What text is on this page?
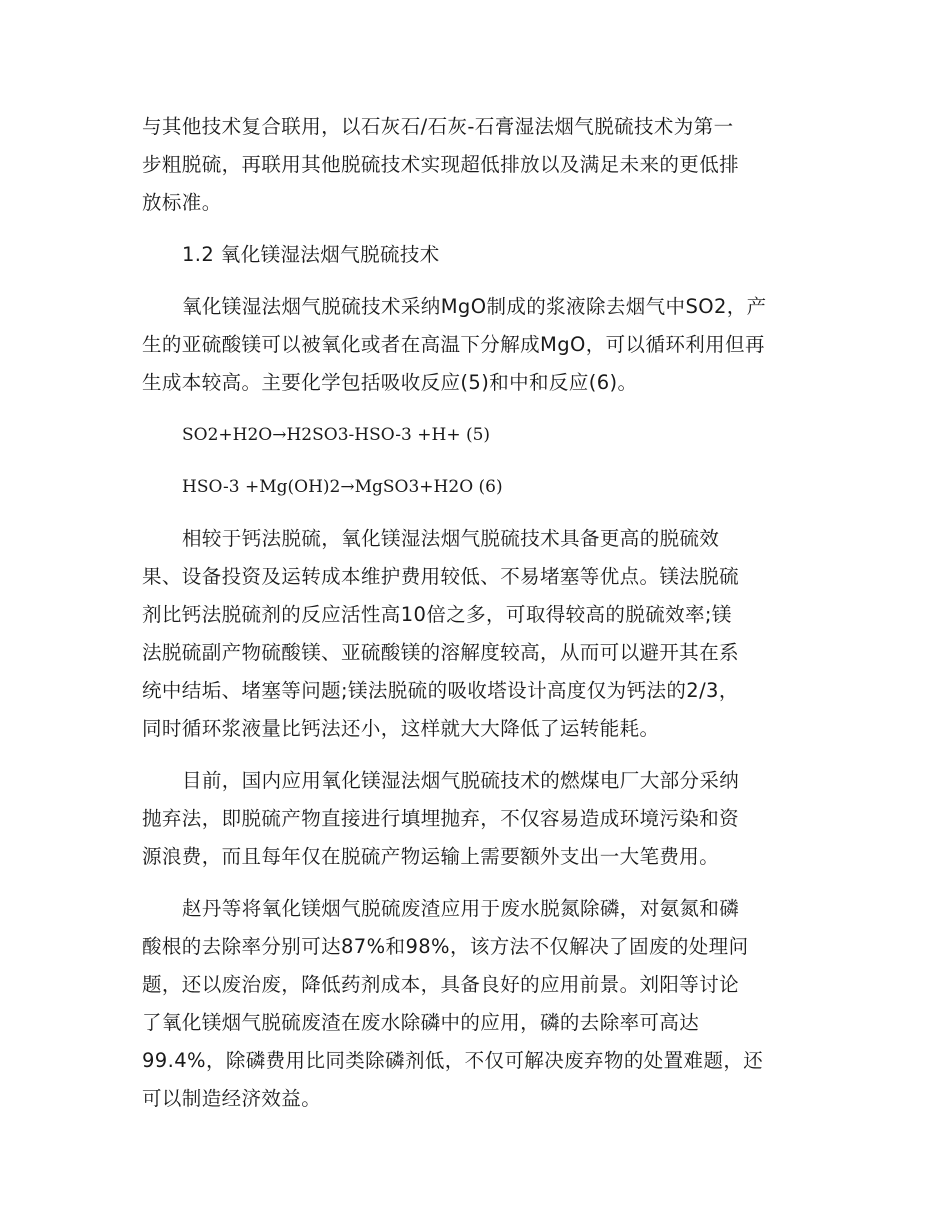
与其他技术复合联用，以石灰石/石灰-石膏湿法烟气脱硫技术为第一
步粗脱硫，再联用其他脱硫技术实现超低排放以及满足未来的更低排
放标准。
1.2 氧化镁湿法烟气脱硫技术
氧化镁湿法烟气脱硫技术采纳MgO制成的浆液除去烟气中SO2，产
生的亚硫酸镁可以被氧化或者在高温下分解成MgO，可以循环利用但再
生成本较高。主要化学包括吸收反应(5)和中和反应(6)。
SO2+H2O→H2SO3-HSO-3 +H+ (5)
HSO-3 +Mg(OH)2→MgSO3+H2O (6)
相较于钙法脱硫，氧化镁湿法烟气脱硫技术具备更高的脱硫效
果、设备投资及运转成本维护费用较低、不易堵塞等优点。镁法脱硫
剂比钙法脱硫剂的反应活性高10倍之多，可取得较高的脱硫效率;镁
法脱硫副产物硫酸镁、亚硫酸镁的溶解度较高，从而可以避开其在系
统中结垢、堵塞等问题;镁法脱硫的吸收塔设计高度仅为钙法的2/3，
同时循环浆液量比钙法还小，这样就大大降低了运转能耗。
目前，国内应用氧化镁湿法烟气脱硫技术的燃煤电厂大部分采纳
抛弃法，即脱硫产物直接进行填埋抛弃，不仅容易造成环境污染和资
源浪费，而且每年仅在脱硫产物运输上需要额外支出一大笔费用。
赵丹等将氧化镁烟气脱硫废渣应用于废水脱氮除磷，对氨氮和磷
酸根的去除率分别可达87%和98%，该方法不仅解决了固废的处理问
题，还以废治废，降低药剂成本，具备良好的应用前景。刘阳等讨论
了氧化镁烟气脱硫废渣在废水除磷中的应用，磷的去除率可高达
99.4%，除磷费用比同类除磷剂低，不仅可解决废弃物的处置难题，还
可以制造经济效益。
